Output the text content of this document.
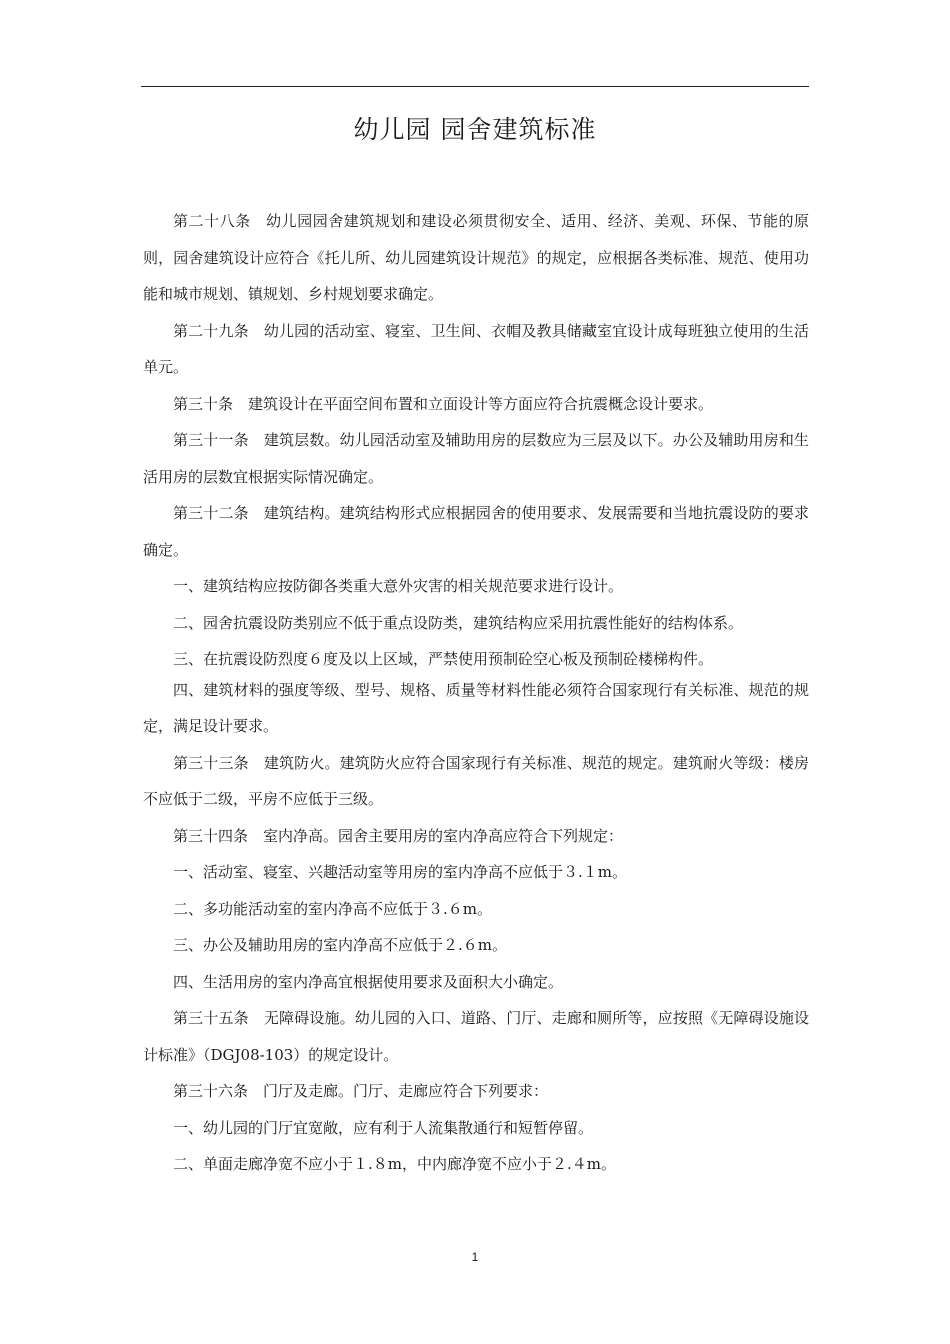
幼儿园 园舍建筑标准

第二十八条　幼儿园园舍建筑规划和建设必须贯彻安全、适用、经济、美观、环保、节能的原则，园舍建筑设计应符合《托儿所、幼儿园建筑设计规范》的规定，应根据各类标准、规范、使用功能和城市规划、镇规划、乡村规划要求确定。

第二十九条　幼儿园的活动室、寝室、卫生间、衣帽及教具储藏室宜设计成每班独立使用的生活单元。

第三十条　建筑设计在平面空间布置和立面设计等方面应符合抗震概念设计要求。

第三十一条　建筑层数。幼儿园活动室及辅助用房的层数应为三层及以下。办公及辅助用房和生活用房的层数宜根据实际情况确定。

第三十二条　建筑结构。建筑结构形式应根据园舍的使用要求、发展需要和当地抗震设防的要求确定。

一、建筑结构应按防御各类重大意外灾害的相关规范要求进行设计。

二、园舍抗震设防类别应不低于重点设防类，建筑结构应采用抗震性能好的结构体系。

三、在抗震设防烈度６度及以上区域，严禁使用预制砼空心板及预制砼楼梯构件。

四、建筑材料的强度等级、型号、规格、质量等材料性能必须符合国家现行有关标准、规范的规定，满足设计要求。

第三十三条　建筑防火。建筑防火应符合国家现行有关标准、规范的规定。建筑耐火等级：楼房不应低于二级，平房不应低于三级。

第三十四条　室内净高。园舍主要用房的室内净高应符合下列规定：

一、活动室、寝室、兴趣活动室等用房的室内净高不应低于３.１m。

二、多功能活动室的室内净高不应低于３.６m。

三、办公及辅助用房的室内净高不应低于２.６m。

四、生活用房的室内净高宜根据使用要求及面积大小确定。

第三十五条　无障碍设施。幼儿园的入口、道路、门厅、走廊和厕所等，应按照《无障碍设施设计标准》（DGJ08-103）的规定设计。

第三十六条　门厅及走廊。门厅、走廊应符合下列要求：

一、幼儿园的门厅宜宽敞，应有利于人流集散通行和短暂停留。

二、单面走廊净宽不应小于１.８m，中内廊净宽不应小于２.４m。

1
